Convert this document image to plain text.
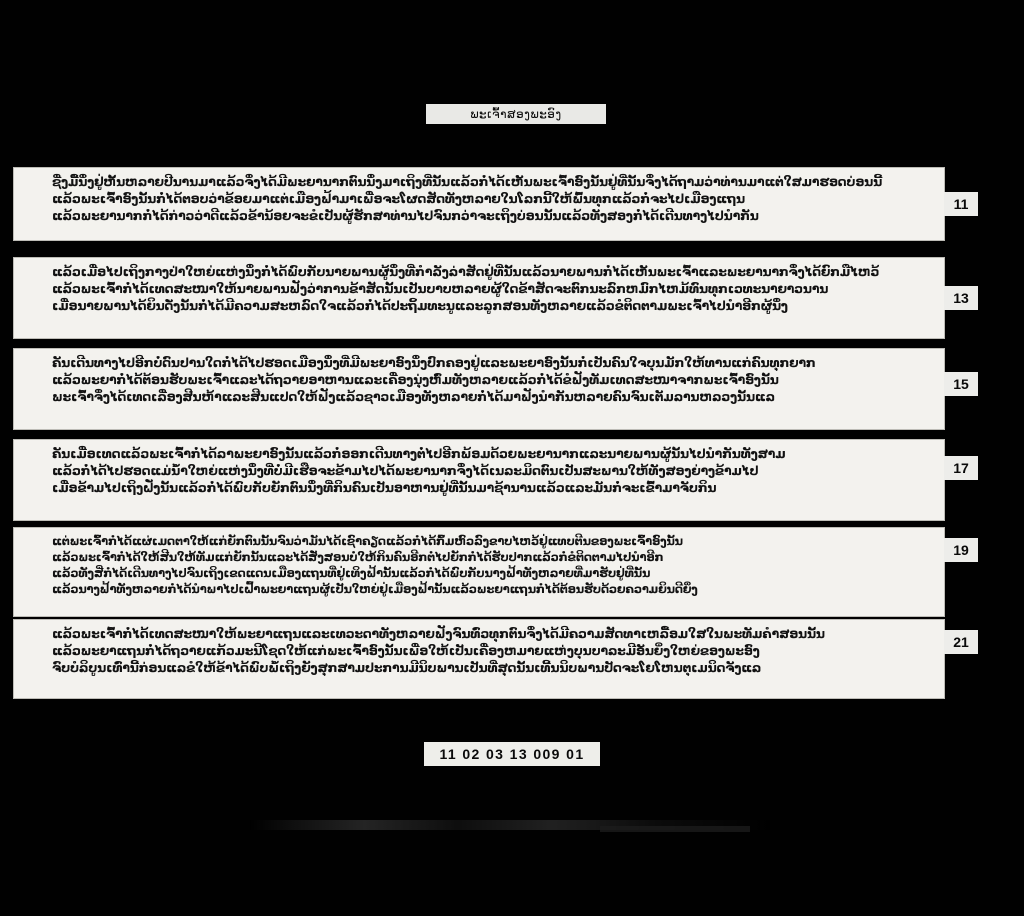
ພະເຈົ້າສອງພະອົງ
ຊື່ງ​ມື້ນຶ່ງ​ຢູ່​ຫັ້ນ​ຫລາຍ​ປີ​ນານ​ມາ​ແລ້ວ​ຈຶ່ງ​ໄດ້​ມີ​ພະຍາ​ນາກ​ຕົນ​ນຶ່ງ​ມາ​ເຖິງ​ທີ່​ນັ້ນ​ແລ້ວ​ກໍ່​ໄດ້​ເຫັນ​ພະ​ເຈົ້າ​ອົງ​ນັ້ນ​ຢູ່​ທີ່​ນັ້ນ​ຈຶ່ງ​ໄດ້​ຖາມ​ວ່າ​ທ່ານ​ມາ​ແຕ່​ໃສ​ມາ​ຮອດ​ບ່ອນ​ນີ້
ແລ້ວ​ພະ​ເຈົ້າ​ອົງ​ນັ້ນ​ກໍ່​ໄດ້​ຕອບ​ວ່າ​ຂ້ອຍ​ມາ​ແຕ່​ເມືອງ​ຟ້າ​ມາ​ເພື່ອ​ຈະ​ໂຜດ​ສັດ​ທັງ​ຫລາຍ​ໃນ​ໂລກ​ນີ້​ໃຫ້​ພົ້ນ​ທຸກ​ແລ້ວ​ກໍ່​ຈະ​ໄປ​ເມືອງ​ແຖນ
ແລ້ວ​ພະຍາ​ນາກ​ກໍ່​ໄດ້​ກ່າວ​ວ່າ​ດີ​ແລ້ວ​ຂ້ານ້ອຍ​ຈະ​ຂໍ​ເປັນ​ຜູ້​ຮັກສາ​ທ່ານ​ໄປ​ຈົນ​ກວ່າ​ຈະ​ເຖິງ​ບ່ອນ​ນັ້ນ​ແລ້ວ​ທັງ​ສອງ​ກໍ່​ໄດ້​ເດີນທາງ​ໄປ​ນຳ​ກັນ
11
ແລ້ວ​ເມື່ອ​ໄປ​ເຖິງ​ກາງ​ປ່າ​ໃຫຍ່​ແຫ່ງ​ນຶ່ງ​ກໍ່​ໄດ້​ພົບ​ກັບ​ນາຍ​ພານ​ຜູ້​ນຶ່ງ​ທີ່​ກຳລັງ​ລ່າ​ສັດ​ຢູ່​ທີ່​ນັ້ນ​ແລ້ວ​ນາຍ​ພານ​ກໍ່​ໄດ້​ເຫັນ​ພະ​ເຈົ້າ​ແລະ​ພະຍາ​ນາກ​ຈຶ່ງ​ໄດ້​ຍົກ​ມື​ໄຫວ້
ແລ້ວ​ພະ​ເຈົ້າ​ກໍ່​ໄດ້​ເທດສະໜາ​ໃຫ້​ນາຍ​ພານ​ຟັງ​ວ່າ​ການ​ຂ້າ​ສັດ​ນັ້ນ​ເປັນ​ບາບ​ຫລາຍ​ຜູ້​ໃດ​ຂ້າ​ສັດ​ຈະ​ຕົກ​ນະລົກ​ຫມົກ​ໄຫມ້​ທົນ​ທຸກ​ເວທະນາ​ຍາວ​ນານ
ເມື່ອ​ນາຍ​ພານ​ໄດ້​ຍິນ​ດັ່ງ​ນັ້ນ​ກໍ່​ໄດ້​ມີ​ຄວາມ​ສະຫລົດ​ໃຈ​ແລ້ວ​ກໍ່​ໄດ້​ປະ​ຖິ້ມ​ທະນູ​ແລະ​ລູກ​ສອນ​ທັງ​ຫລາຍ​ແລ້ວ​ຂໍ​ຕິດຕາມ​ພະ​ເຈົ້າ​ໄປ​ນຳ​ອີກ​ຜູ້​ນຶ່ງ	13
ຄັນ​ເດີນທາງ​ໄປ​ອີກ​ບໍ່​ດົນ​ປານ​ໃດ​ກໍ່​ໄດ້​ໄປ​ຮອດ​ເມືອງ​ນຶ່ງ​ທີ່​ມີ​ພະຍາ​ອົງ​ນຶ່ງ​ປົກຄອງ​ຢູ່​ແລະ​ພະຍາ​ອົງ​ນັ້ນ​ກໍ່​ເປັນ​ຄົນ​ໃຈ​ບຸນ​ມັກ​ໃຫ້​ທານ​ແກ່​ຄົນ​ທຸກ​ຍາກ
ແລ້ວ​ພະຍາ​ກໍ່​ໄດ້​ຕ້ອນຮັບ​ພະ​ເຈົ້າ​ແລະ​ໄດ້​ຖວາຍ​ອາຫານ​ແລະ​ເຄື່ອງ​ນຸ່ງ​ຫົ່ມ​ທັງ​ຫລາຍ​ແລ້ວ​ກໍ່​ໄດ້​ຂໍ​ຟັງ​ທັມ​ເທດສະໜາ​ຈາກ​ພະ​ເຈົ້າ​ອົງ​ນັ້ນ
ພະ​ເຈົ້າ​ຈຶ່ງ​ໄດ້​ເທດ​ເລື່ອງ​ສີນ​ຫ້າ​ແລະ​ສີນ​ແປດ​ໃຫ້​ຟັງ​ແລ້ວ​ຊາວ​ເມືອງ​ທັງ​ຫລາຍ​ກໍ່​ໄດ້​ມາ​ຟັງ​ນຳ​ກັນ​ຫລາຍ​ຄົນ​ຈົນ​ເຕັມ​ລານ​ຫລວງ​ນັ້ນ​ແລ
15
ຄັນ​ເມື່ອ​ເທດ​ແລ້ວ​ພະ​ເຈົ້າ​ກໍ່​ໄດ້​ລາ​ພະຍາ​ອົງ​ນັ້ນ​ແລ້ວ​ກໍ່​ອອກ​ເດີນທາງ​ຕໍ່​ໄປ​ອີກ​ພ້ອມ​ດ້ວຍ​ພະຍາ​ນາກ​ແລະ​ນາຍ​ພານ​ຜູ້​ນັ້ນ​ໄປ​ນຳ​ກັນ​ທັງ​ສາມ
ແລ້ວ​ກໍ່​ໄດ້​ໄປ​ຮອດ​ແມ່ນ້ຳ​ໃຫຍ່​ແຫ່ງ​ນຶ່ງ​ທີ່​ບໍ່​ມີ​ເຮືອ​ຈະ​ຂ້າມ​ໄປ​ໄດ້​ພະຍາ​ນາກ​ຈຶ່ງ​ໄດ້​ເນລະມິດ​ຕົນ​ເປັນ​ສະພານ​ໃຫ້​ທັງ​ສອງ​ຍ່າງ​ຂ້າມ​ໄປ
ເມື່ອ​ຂ້າມ​ໄປ​ເຖິງ​ຝັ່ງ​ນັ້ນ​ແລ້ວ​ກໍ່​ໄດ້​ພົບ​ກັບ​ຍັກ​ຕົນ​ນຶ່ງ​ທີ່​ກິນ​ຄົນ​ເປັນ​ອາຫານ​ຢູ່​ທີ່​ນັ້ນ​ມາ​ຊ້ານານ​ແລ້ວ​ແລະ​ມັນ​ກໍ່​ຈະ​ເຂົ້າ​ມາ​ຈັບ​ກິນ
17
ແຕ່​ພະ​ເຈົ້າ​ກໍ່​ໄດ້​ແຜ່​ເມດຕາ​ໃຫ້​ແກ່​ຍັກ​ຕົນ​ນັ້ນ​ຈົນ​ວ່າ​ມັນ​ໄດ້​ເຊົາ​ຄຽດ​ແລ້ວ​ກໍ່​ໄດ້​ກົ້ມ​ຫົວ​ລົງ​ຂາບ​ໄຫວ້​ຢູ່​ແທບ​ຕີນ​ຂອງ​ພະ​ເຈົ້າ​ອົງ​ນັ້ນ
ແລ້ວ​ພະ​ເຈົ້າ​ກໍ່​ໄດ້​ໃຫ້​ສີນ​ໃຫ້​ທັມ​ແກ່​ຍັກ​ນັ້ນ​ແລະ​ໄດ້​ສັ່ງ​ສອນ​ບໍ່​ໃຫ້​ກິນ​ຄົນ​ອີກ​ຕໍ່​ໄປ​ຍັກ​ກໍ່​ໄດ້​ຮັບ​ປາກ​ແລ້ວ​ກໍ່​ຂໍ​ຕິດຕາມ​ໄປ​ນຳ​ອີກ
ແລ້ວ​ທັງ​ສີ່​ກໍ່​ໄດ້​ເດີນທາງ​ໄປ​ຈົນ​ເຖິງ​ເຂດ​ແດນ​ເມືອງ​ແຖນ​ທີ່​ຢູ່​ເທິງ​ຟ້າ​ນັ້ນ​ແລ້ວ​ກໍ່​ໄດ້​ພົບ​ກັບ​ນາງ​ຟ້າ​ທັງ​ຫລາຍ​ທີ່​ມາ​ຮັບ​ຢູ່​ທີ່​ນັ້ນ
ແລ້ວ​ນາງ​ຟ້າ​ທັງ​ຫລາຍ​ກໍ່​ໄດ້​ນຳ​ພາ​ໄປ​ເຝົ້າ​ພະຍາ​ແຖນ​ຜູ້​ເປັນ​ໃຫຍ່​ຢູ່​ເມືອງ​ຟ້າ​ນັ້ນ​ແລ້ວ​ພະຍາ​ແຖນ​ກໍ່​ໄດ້​ຕ້ອນຮັບ​ດ້ວຍ​ຄວາມ​ຍິນດີ​ຍິ່ງ
19
ແລ້ວ​ພະ​ເຈົ້າ​ກໍ່​ໄດ້​ເທດສະໜາ​ໃຫ້​ພະຍາ​ແຖນ​ແລະ​ເທວະດາ​ທັງ​ຫລາຍ​ຟັງ​ຈົນ​ທົ່ວ​ທຸກ​ຕົນ​ຈຶ່ງ​ໄດ້​ມີ​ຄວາມ​ສັດທາ​ເຫລື້ອມ​ໃສ​ໃນ​ພະ​ທັມ​ຄຳ​ສອນ​ນັ້ນ
ແລ້ວ​ພະຍາ​ແຖນ​ກໍ່​ໄດ້​ຖວາຍ​ແກ້ວ​ມະນີ​ໂຊດ​ໃຫ້​ແກ່​ພະ​ເຈົ້າ​ອົງ​ນັ້ນ​ເພື່ອ​ໃຫ້​ເປັນ​ເຄື່ອງ​ຫມາຍ​ແຫ່ງ​ບຸນ​ບາລະມີ​ອັນ​ຍິ່ງ​ໃຫຍ່​ຂອງ​ພະ​ອົງ
ຈົບ​ບໍລິບູນ​ເທົ່ານີ້​ກ່ອນ​ແລ​ຂໍ​ໃຫ້​ຂ້າ​ໄດ້​ພົບ​ພໍ້​ເຖິງ​ຍັງ​ສຸກ​ສາມ​ປະການ​ມີ​ນິບພານ​ເປັນ​ທີ່​ສຸດ​ນັ້ນ​ເທີ້ນ​ນິບພານ​ປັດຈະໂຍ​ໂຫນຕຸ​ເມ​ນິດ​ຈັງ​ແລ
21
11 02 03 13 009 01
